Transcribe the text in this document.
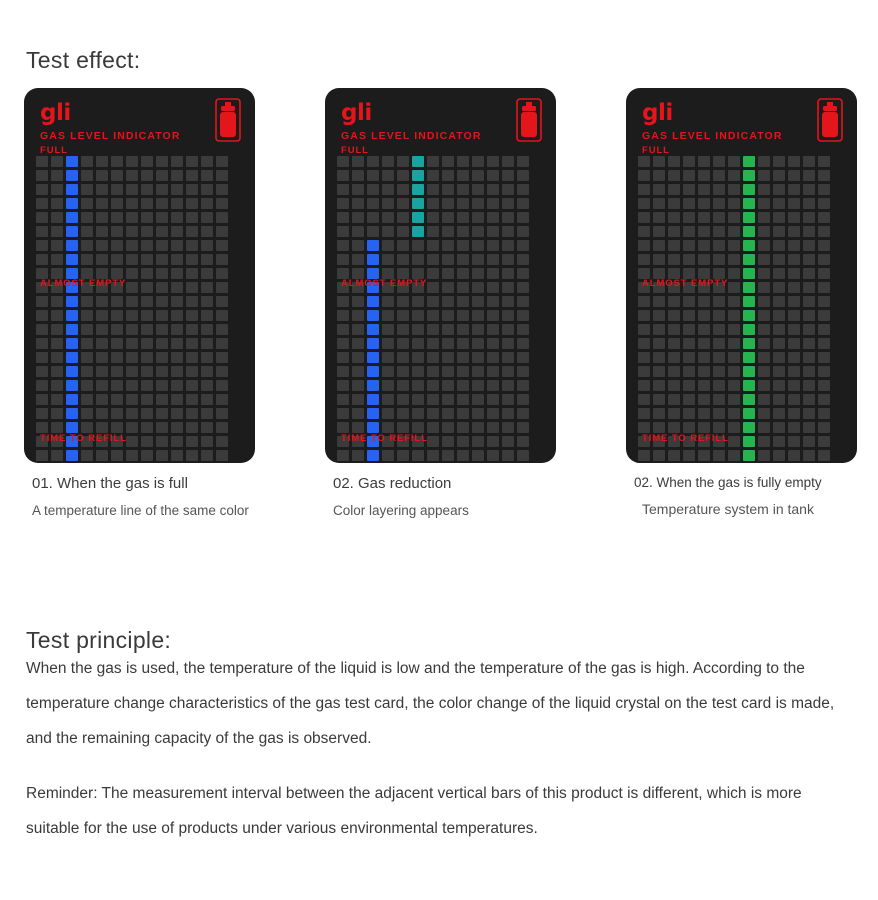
Test effect:
gli
GAS LEVEL INDICATOR
FULL
ALMOST EMPTY
TIME TO REFILL
01. When the gas is full
A temperature line of the same color
gli
GAS LEVEL INDICATOR
FULL
ALMOST EMPTY
TIME TO REFILL
02. Gas reduction
Color layering appears
gli
GAS LEVEL INDICATOR
FULL
ALMOST EMPTY
TIME TO REFILL
02. When the gas is fully empty
Temperature system in tank
Test principle:

When the gas is used, the temperature of the liquid is low and the temperature of the gas is high. According to the temperature change characteristics of the gas test card, the color change of the liquid crystal on the test card is made, and the remaining capacity of the gas is observed.

Reminder: The measurement interval between the adjacent vertical bars of this product is different, which is more suitable for the use of products under various environmental temperatures.
